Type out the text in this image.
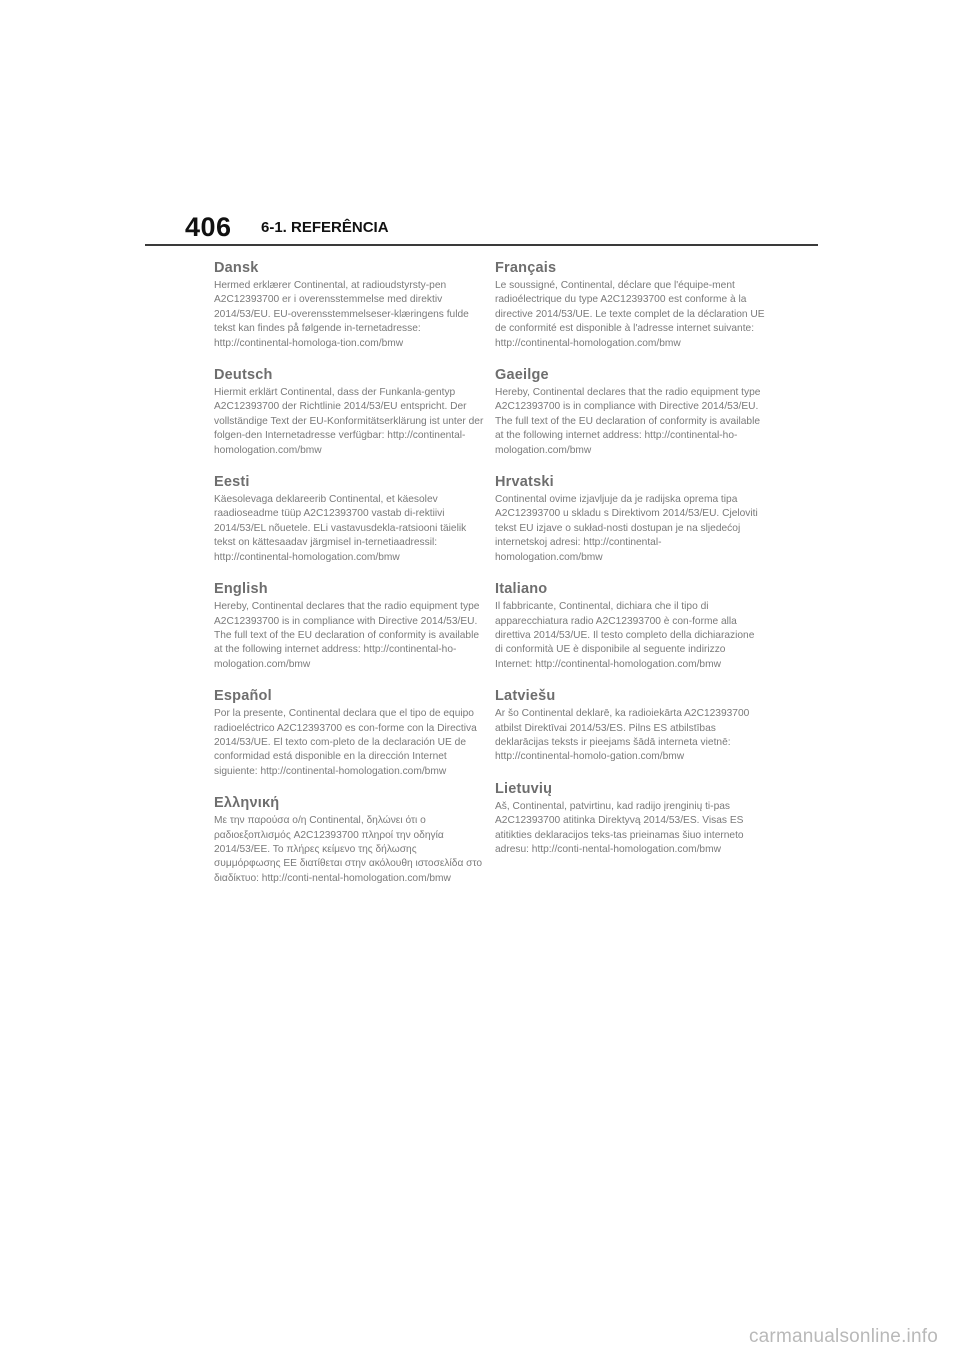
406 6-1. REFERÊNCIA
Dansk

Hermed erklærer Continental, at radioudstyrsty-pen A2C12393700 er i overensstemmelse med direktiv 2014/53/EU. EU-overensstemmelseser-klæringens fulde tekst kan findes på følgende in-ternetadresse: http://continental-homologa-tion.com/bmw

Deutsch

Hiermit erklärt Continental, dass der Funkanla-gentyp A2C12393700 der Richtlinie 2014/53/EU entspricht. Der vollständige Text der EU-Konformitätserklärung ist unter der folgen-den Internetadresse verfügbar: http://continental-homologation.com/bmw

Eesti

Käesolevaga deklareerib Continental, et käesolev raadioseadme tüüp A2C12393700 vastab di-rektiivi 2014/53/EL nõuetele. ELi vastavusdekla-ratsiooni täielik tekst on kättesaadav järgmisel in-ternetiaadressil: http://continental-homologation.com/bmw

English

Hereby, Continental declares that the radio equipment type A2C12393700 is in compliance with Directive 2014/53/EU. The full text of the EU declaration of conformity is available at the following internet address: http://continental-ho-mologation.com/bmw

Español

Por la presente, Continental declara que el tipo de equipo radioeléctrico A2C12393700 es con-forme con la Directiva 2014/53/UE. El texto com-pleto de la declaración UE de conformidad está disponible en la dirección Internet siguiente: http://continental-homologation.com/bmw

Ελληνική

Με την παρούσα ο/η Continental, δηλώνει ότι ο ραδιοεξοπλισμός A2C12393700 πληροί την οδηγία 2014/53/ΕΕ. Το πλήρες κείμενο της δήλωσης συμμόρφωσης ΕΕ διατίθεται στην ακόλουθη ιστοσελίδα στο διαδίκτυο: http://conti-nental-homologation.com/bmw

Français

Le soussigné, Continental, déclare que l'équipe-ment radioélectrique du type A2C12393700 est conforme à la directive 2014/53/UE. Le texte complet de la déclaration UE de conformité est disponible à l'adresse internet suivante: http://continental-homologation.com/bmw

Gaeilge

Hereby, Continental declares that the radio equipment type A2C12393700 is in compliance with Directive 2014/53/EU. The full text of the EU declaration of conformity is available at the following internet address: http://continental-ho-mologation.com/bmw

Hrvatski

Continental ovime izjavljuje da je radijska oprema tipa A2C12393700 u skladu s Direktivom 2014/53/EU. Cjeloviti tekst EU izjave o sukład-nosti dostupan je na sljedećoj internetskoj adresi: http://continental-homologation.com/bmw

Italiano

Il fabbricante, Continental, dichiara che il tipo di apparecchiatura radio A2C12393700 è con-forme alla direttiva 2014/53/UE. Il testo completo della dichiarazione di conformità UE è disponibile al seguente indirizzo Internet: http://continental-homologation.com/bmw

Latviešu

Ar šo Continental deklarē, ka radioiekārta A2C12393700 atbilst Direktīvai 2014/53/ES. Pilns ES atbilstības deklarācijas teksts ir pieejams šādā interneta vietnē: http://continental-homolo-gation.com/bmw

Lietuvių

Aš, Continental, patvirtinu, kad radijo įrenginių ti-pas A2C12393700 atitinka Direktyvą 2014/53/ES. Visas ES atitikties deklaracijos teks-tas prieinamas šiuo interneto adresu: http://conti-nental-homologation.com/bmw

carmanualsonline.info
